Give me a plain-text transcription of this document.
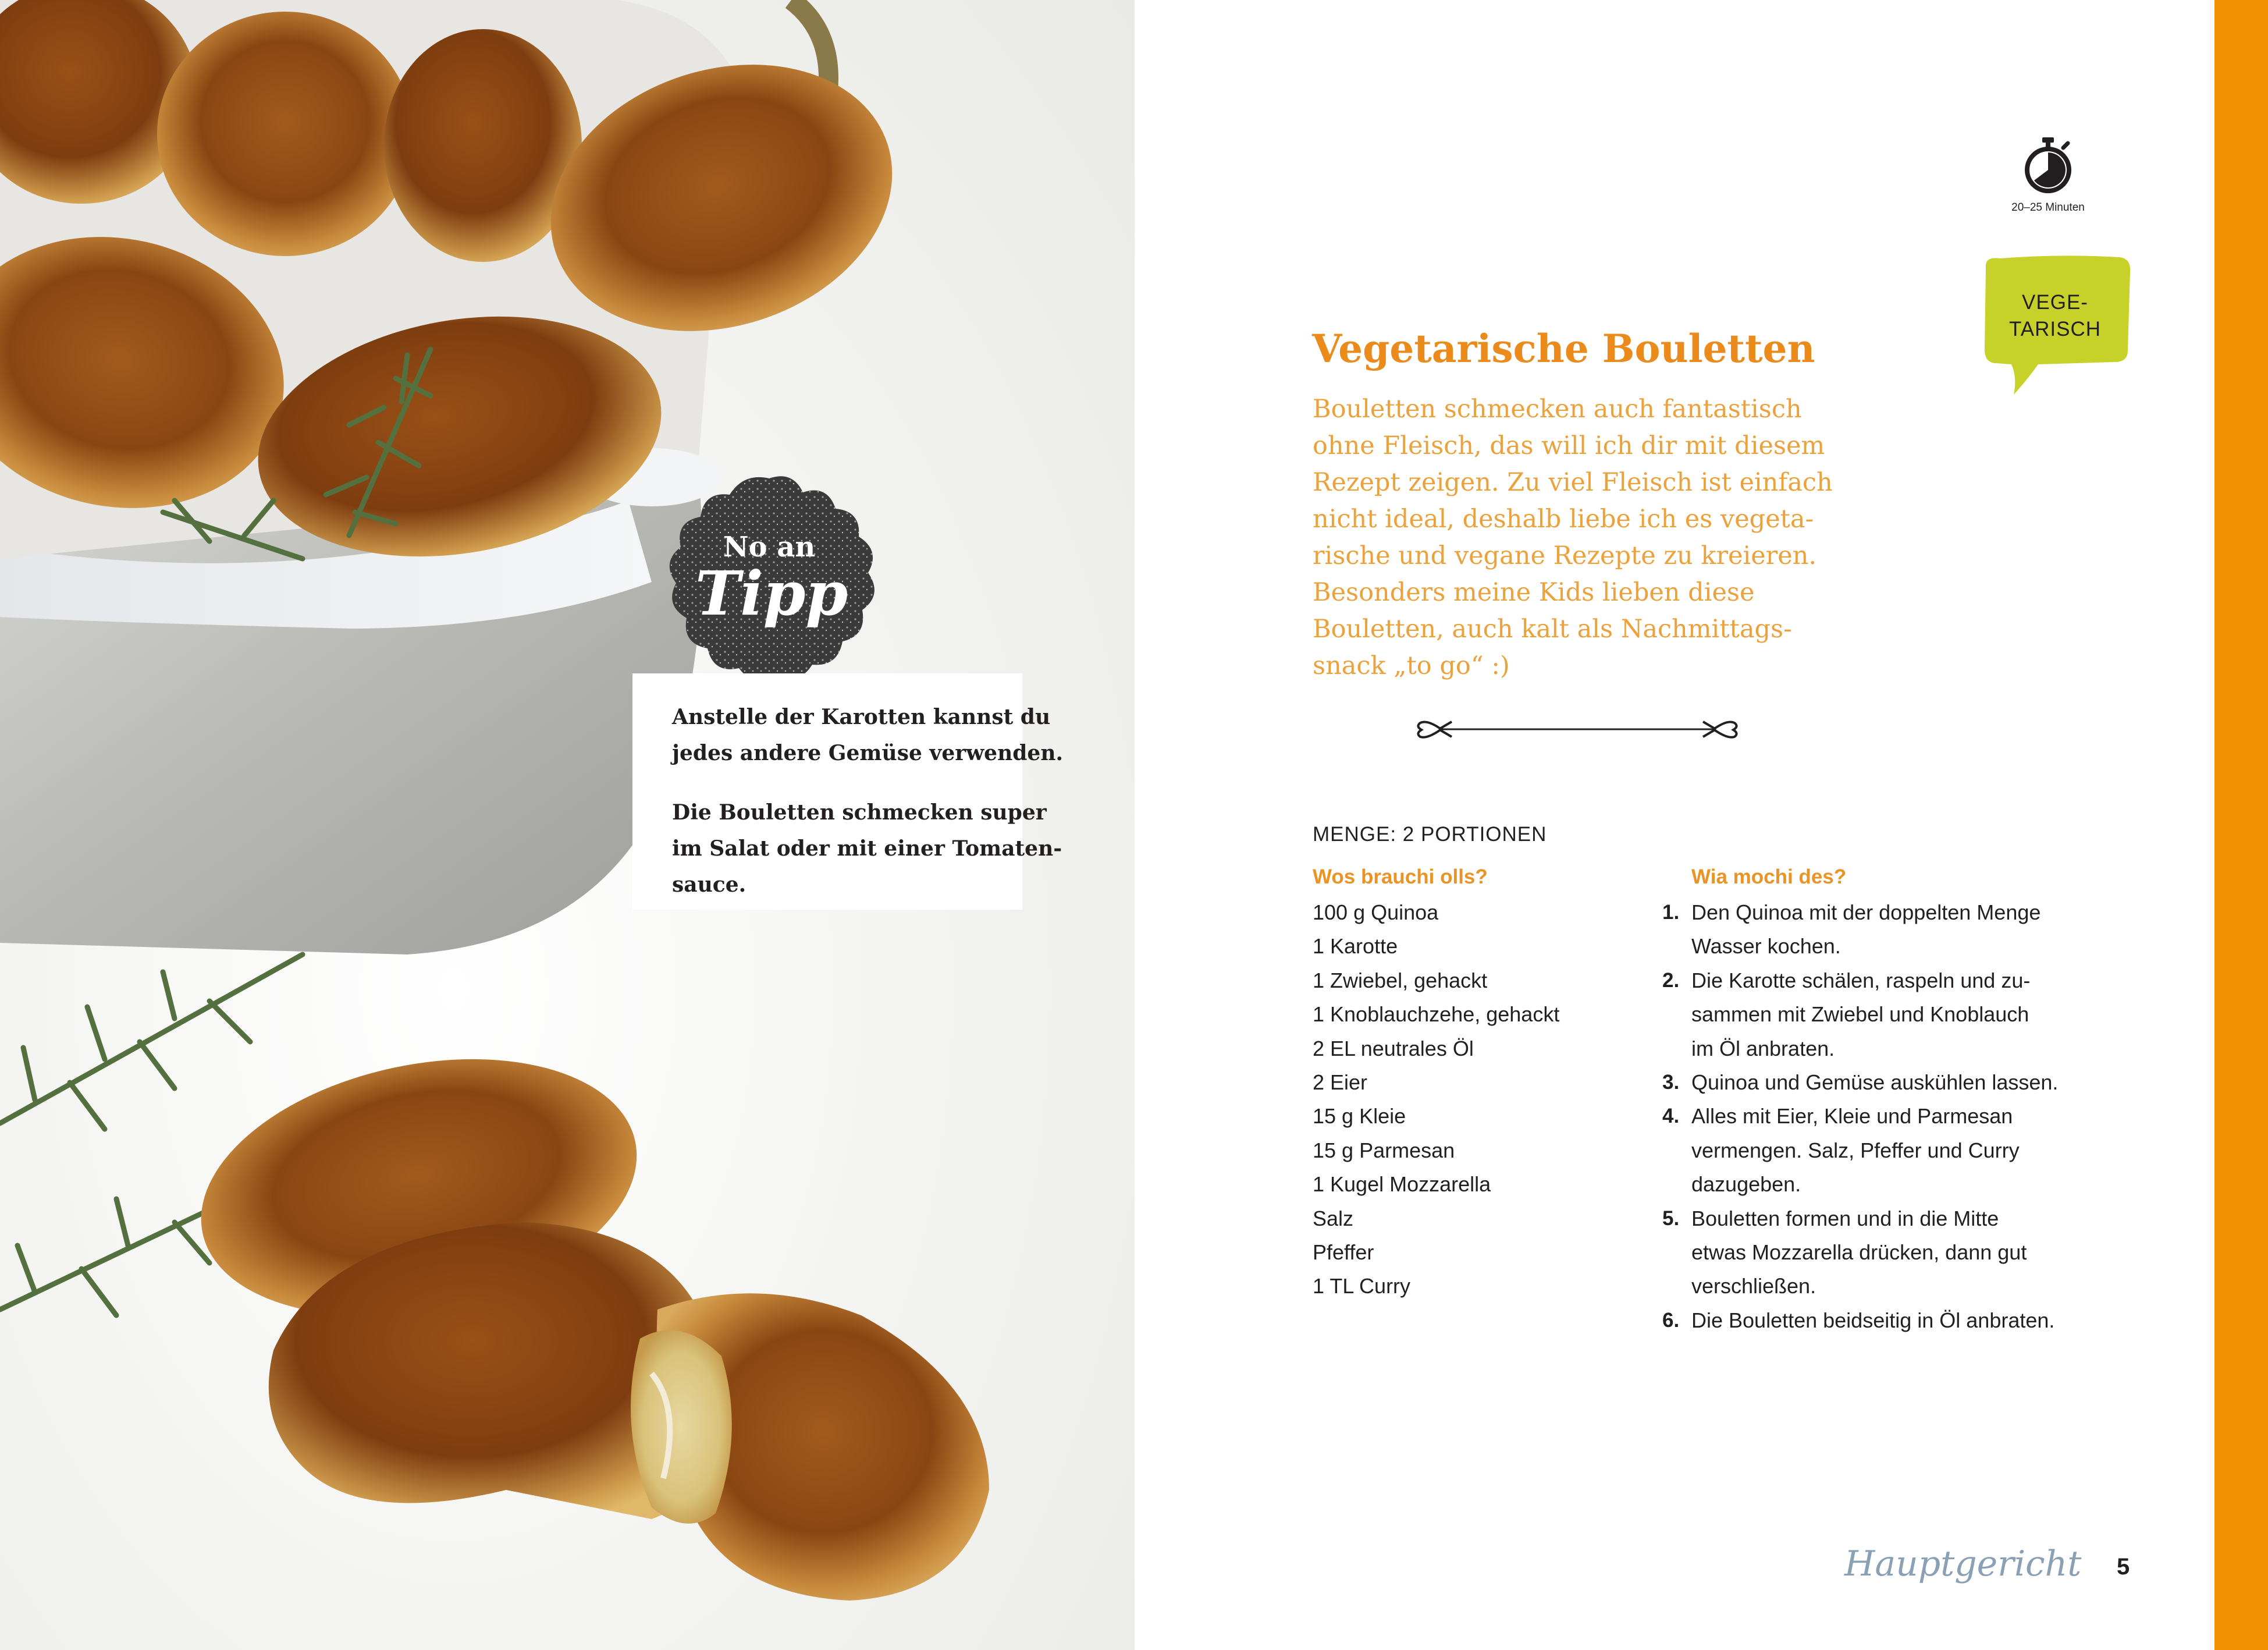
No an
Tipp

Anstelle der Karotten kannst du
jedes andere Gemüse verwenden.

Die Bouletten schmecken super
im Salat oder mit einer Tomaten-
sauce.

20–25 Minuten
VEGE-
TARISCH
Vegetarische Bouletten

Bouletten schmecken auch fantastisch
ohne Fleisch, das will ich dir mit diesem
Rezept zeigen. Zu viel Fleisch ist einfach
nicht ideal, deshalb liebe ich es vegeta-
rische und vegane Rezepte zu kreieren.
Besonders meine Kids lieben diese
Bouletten, auch kalt als Nachmittags-
snack „to go“ :)

MENGE: 2 PORTIONEN
Wos brauchi olls?
100 g Quinoa
1 Karotte
1 Zwiebel, gehackt
1 Knoblauchzehe, gehackt
2 EL neutrales Öl
2 Eier
15 g Kleie
15 g Parmesan
1 Kugel Mozzarella
Salz
Pfeffer
1 TL Curry
Wia mochi des?
1. Den Quinoa mit der doppelten Menge
Wasser kochen.
2. Die Karotte schälen, raspeln und zu-
sammen mit Zwiebel und Knoblauch
im Öl anbraten.
3. Quinoa und Gemüse auskühlen lassen.
4. Alles mit Eier, Kleie und Parmesan
vermengen. Salz, Pfeffer und Curry
dazugeben.
5. Bouletten formen und in die Mitte
etwas Mozzarella drücken, dann gut
verschließen.
6. Die Bouletten beidseitig in Öl anbraten.
Hauptgericht 5
